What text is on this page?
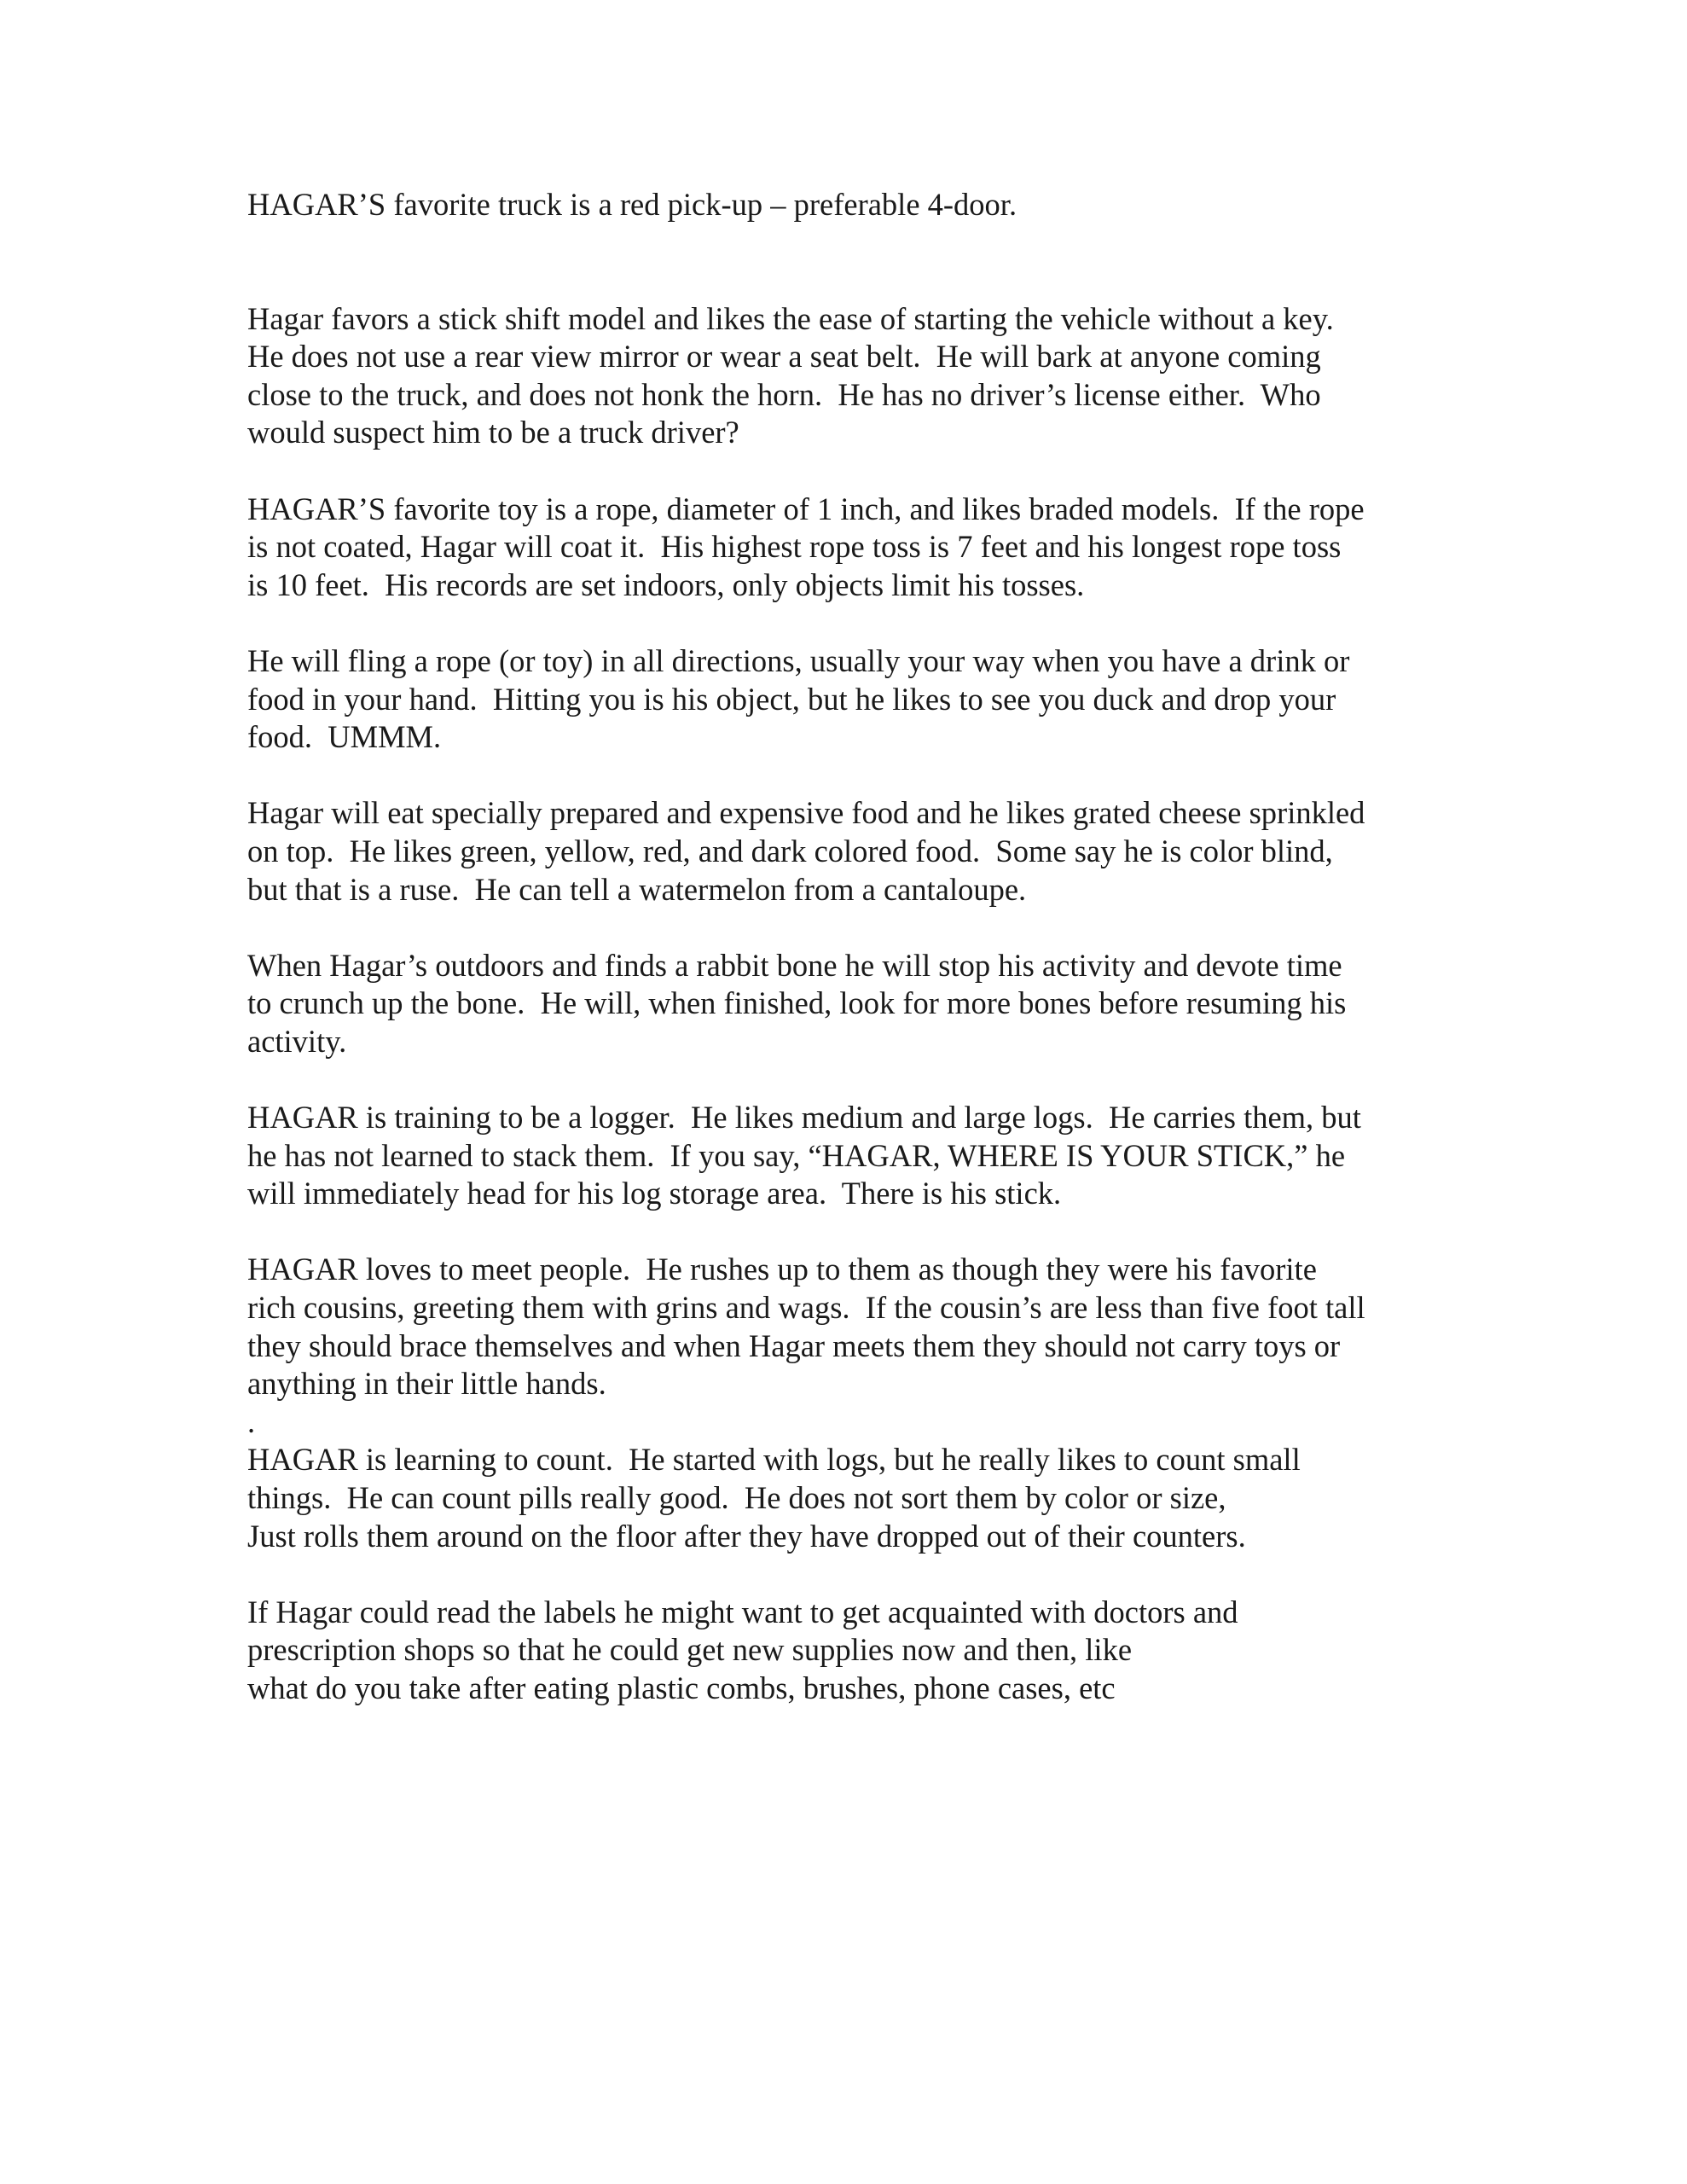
HAGAR’S favorite truck is a red pick-up – preferable 4-door.
Hagar favors a stick shift model and likes the ease of starting the vehicle without a key.
He does not use a rear view mirror or wear a seat belt.  He will bark at anyone coming
close to the truck, and does not honk the horn.  He has no driver’s license either.  Who
would suspect him to be a truck driver?
HAGAR’S favorite toy is a rope, diameter of 1 inch, and likes braded models.  If the rope
is not coated, Hagar will coat it.  His highest rope toss is 7 feet and his longest rope toss
is 10 feet.  His records are set indoors, only objects limit his tosses.
He will fling a rope (or toy) in all directions, usually your way when you have a drink or
food in your hand.  Hitting you is his object, but he likes to see you duck and drop your
food.  UMMM.
Hagar will eat specially prepared and expensive food and he likes grated cheese sprinkled
on top.  He likes green, yellow, red, and dark colored food.  Some say he is color blind,
but that is a ruse.  He can tell a watermelon from a cantaloupe.
When Hagar’s outdoors and finds a rabbit bone he will stop his activity and devote time
to crunch up the bone.  He will, when finished, look for more bones before resuming his
activity.
HAGAR is training to be a logger.  He likes medium and large logs.  He carries them, but
he has not learned to stack them.  If you say, “HAGAR, WHERE IS YOUR STICK,” he
will immediately head for his log storage area.  There is his stick.
HAGAR loves to meet people.  He rushes up to them as though they were his favorite
rich cousins, greeting them with grins and wags.  If the cousin’s are less than five foot tall
they should brace themselves and when Hagar meets them they should not carry toys or
anything in their little hands.
.
HAGAR is learning to count.  He started with logs, but he really likes to count small
things.  He can count pills really good.  He does not sort them by color or size,
Just rolls them around on the floor after they have dropped out of their counters.
If Hagar could read the labels he might want to get acquainted with doctors and
prescription shops so that he could get new supplies now and then, like
what do you take after eating plastic combs, brushes, phone cases, etc
